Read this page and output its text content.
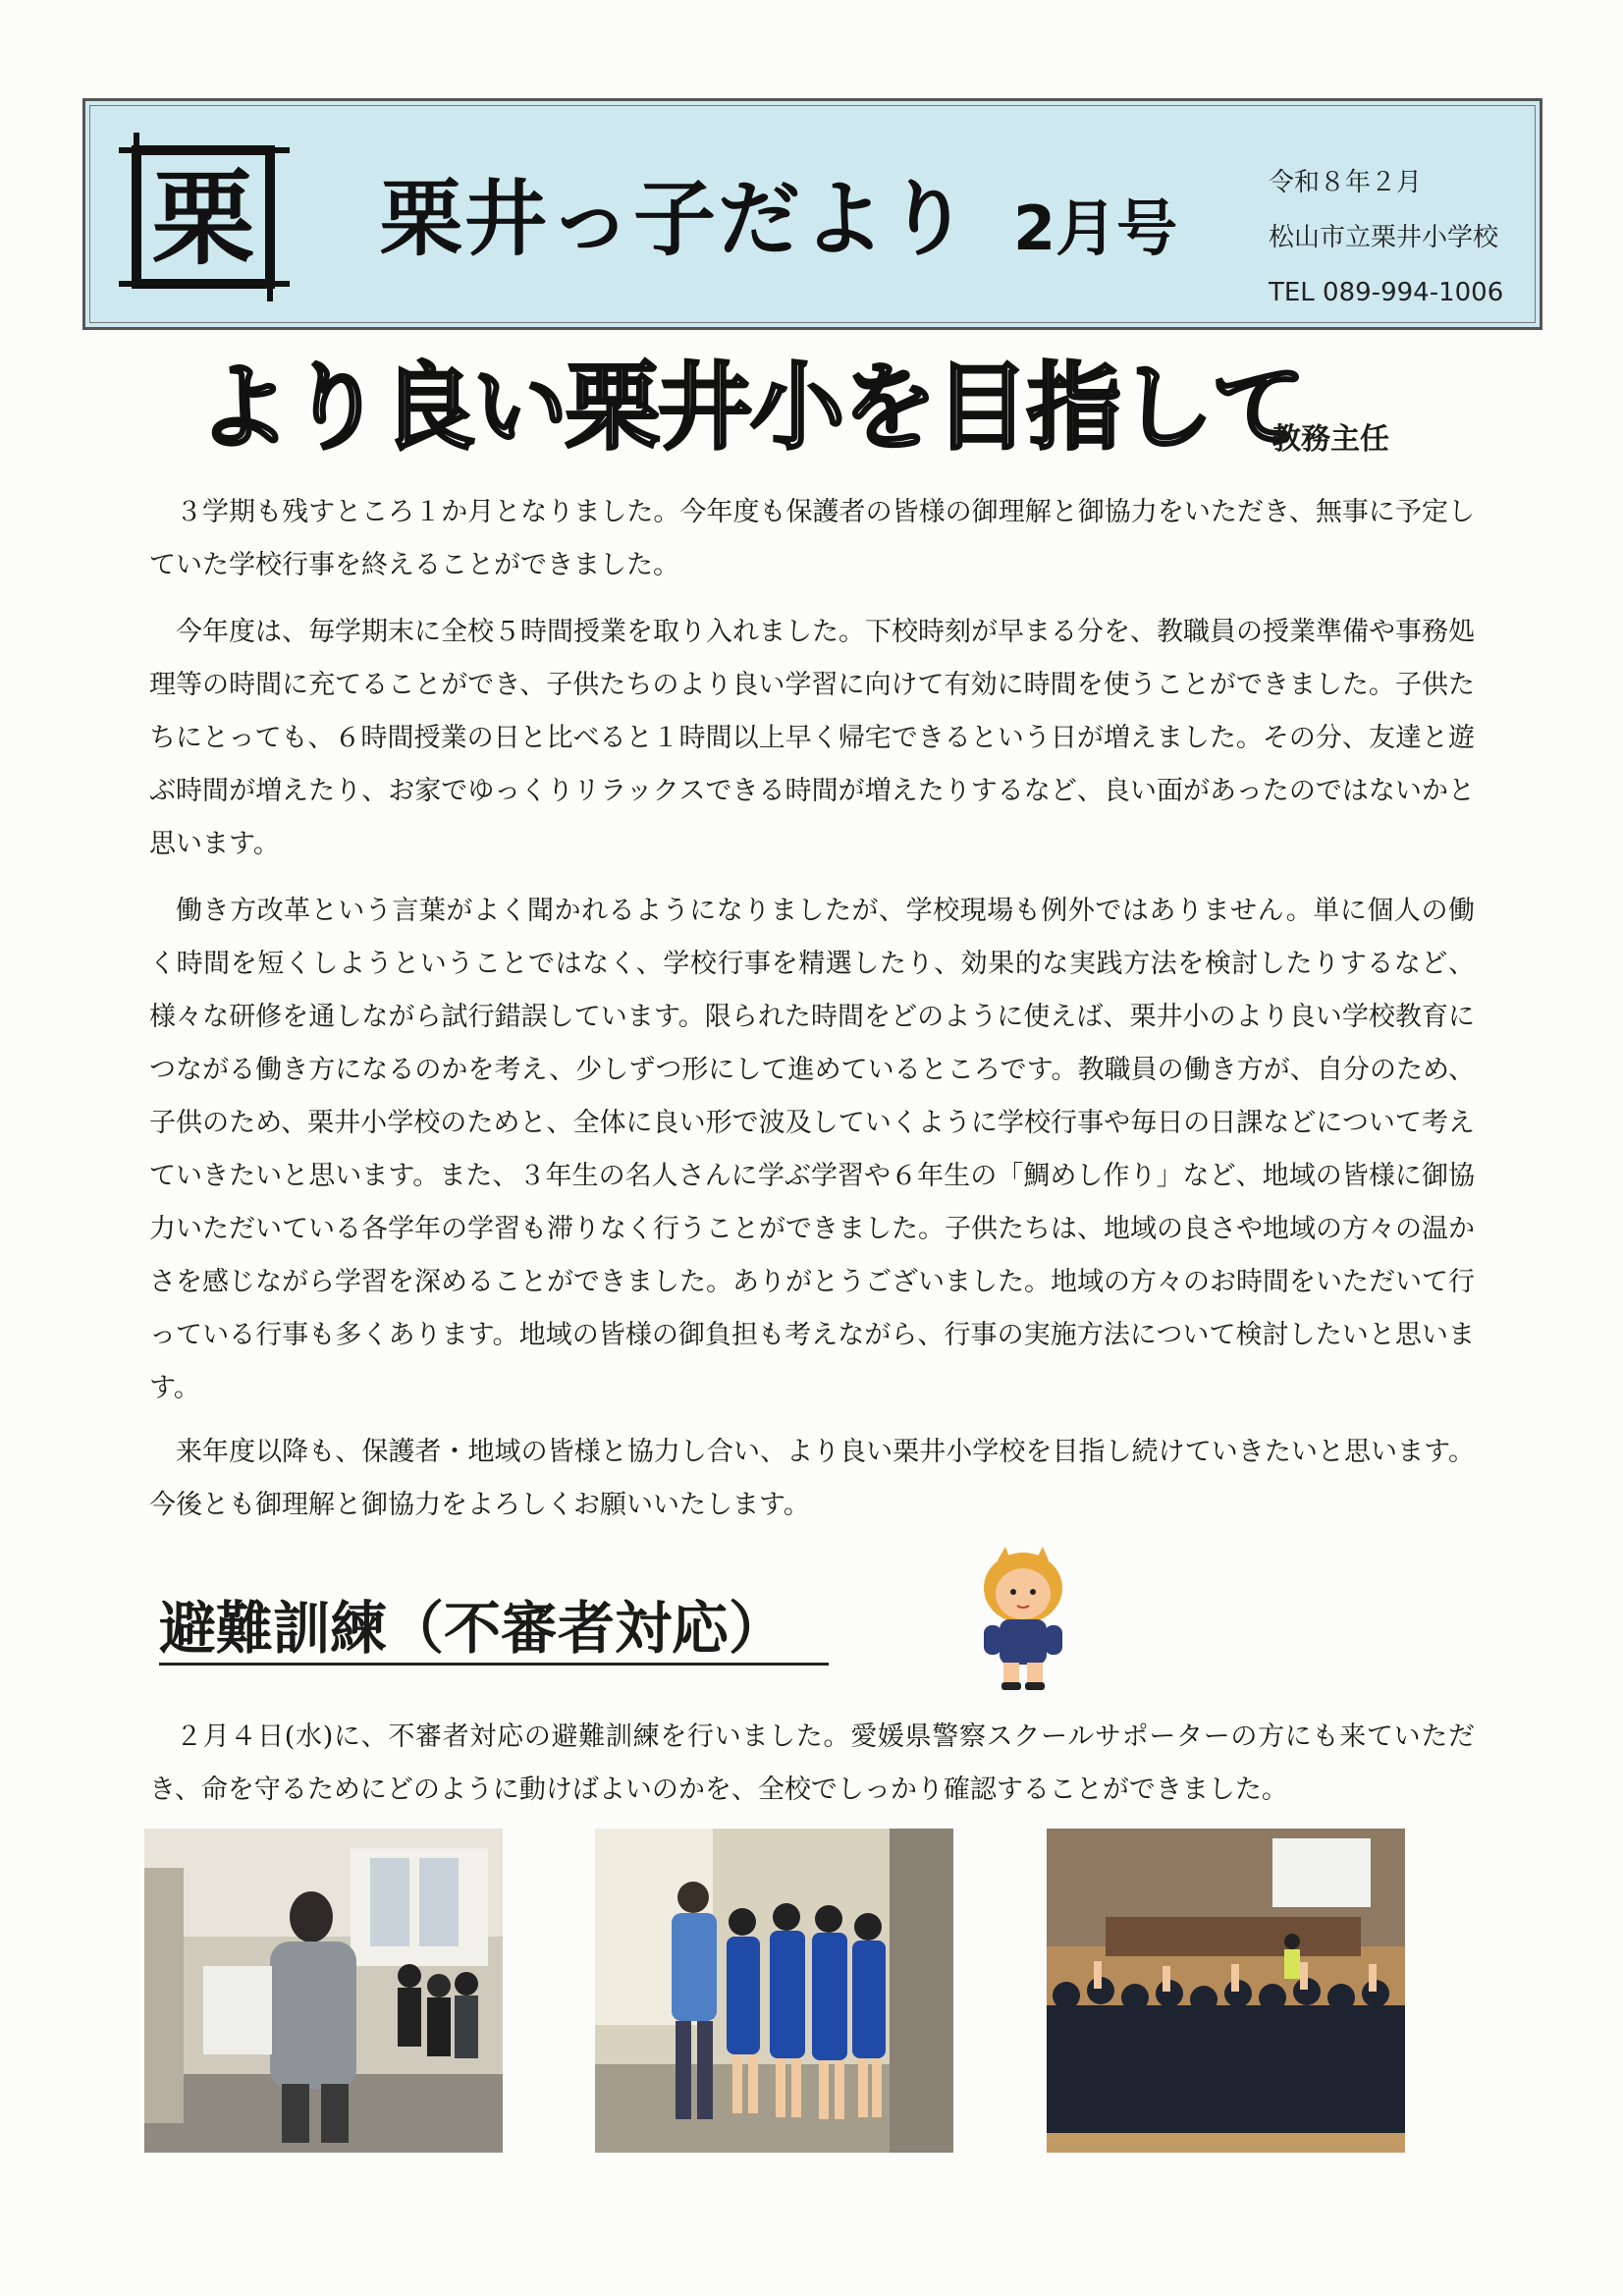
栗 栗井っ子だより 2月号
令和８年２月
松山市立栗井小学校
TEL 089-994-1006
より良い栗井小を目指して
教務主任

３学期も残すところ１か月となりました。今年度も保護者の皆様の御理解と御協力をいただき、無事に予定していた学校行事を終えることができました。

今年度は、毎学期末に全校５時間授業を取り入れました。下校時刻が早まる分を、教職員の授業準備や事務処理等の時間に充てることができ、子供たちのより良い学習に向けて有効に時間を使うことができました。子供たちにとっても、６時間授業の日と比べると１時間以上早く帰宅できるという日が増えました。その分、友達と遊ぶ時間が増えたり、お家でゆっくりリラックスできる時間が増えたりするなど、良い面があったのではないかと思います。

働き方改革という言葉がよく聞かれるようになりましたが、学校現場も例外ではありません。単に個人の働く時間を短くしようということではなく、学校行事を精選したり、効果的な実践方法を検討したりするなど、様々な研修を通しながら試行錯誤しています。限られた時間をどのように使えば、栗井小のより良い学校教育につながる働き方になるのかを考え、少しずつ形にして進めているところです。教職員の働き方が、自分のため、子供のため、栗井小学校のためと、全体に良い形で波及していくように学校行事や毎日の日課などについて考えていきたいと思います。また、３年生の名人さんに学ぶ学習や６年生の「鯛めし作り」など、地域の皆様に御協力いただいている各学年の学習も滞りなく行うことができました。子供たちは、地域の良さや地域の方々の温かさを感じながら学習を深めることができました。ありがとうございました。地域の方々のお時間をいただいて行っている行事も多くあります。地域の皆様の御負担も考えながら、行事の実施方法について検討したいと思います。

来年度以降も、保護者・地域の皆様と協力し合い、より良い栗井小学校を目指し続けていきたいと思います。今後とも御理解と御協力をよろしくお願いいたします。

避難訓練（不審者対応）

２月４日(水)に、不審者対応の避難訓練を行いました。愛媛県警察スクールサポーターの方にも来ていただき、命を守るためにどのように動けばよいのかを、全校でしっかり確認することができました。
